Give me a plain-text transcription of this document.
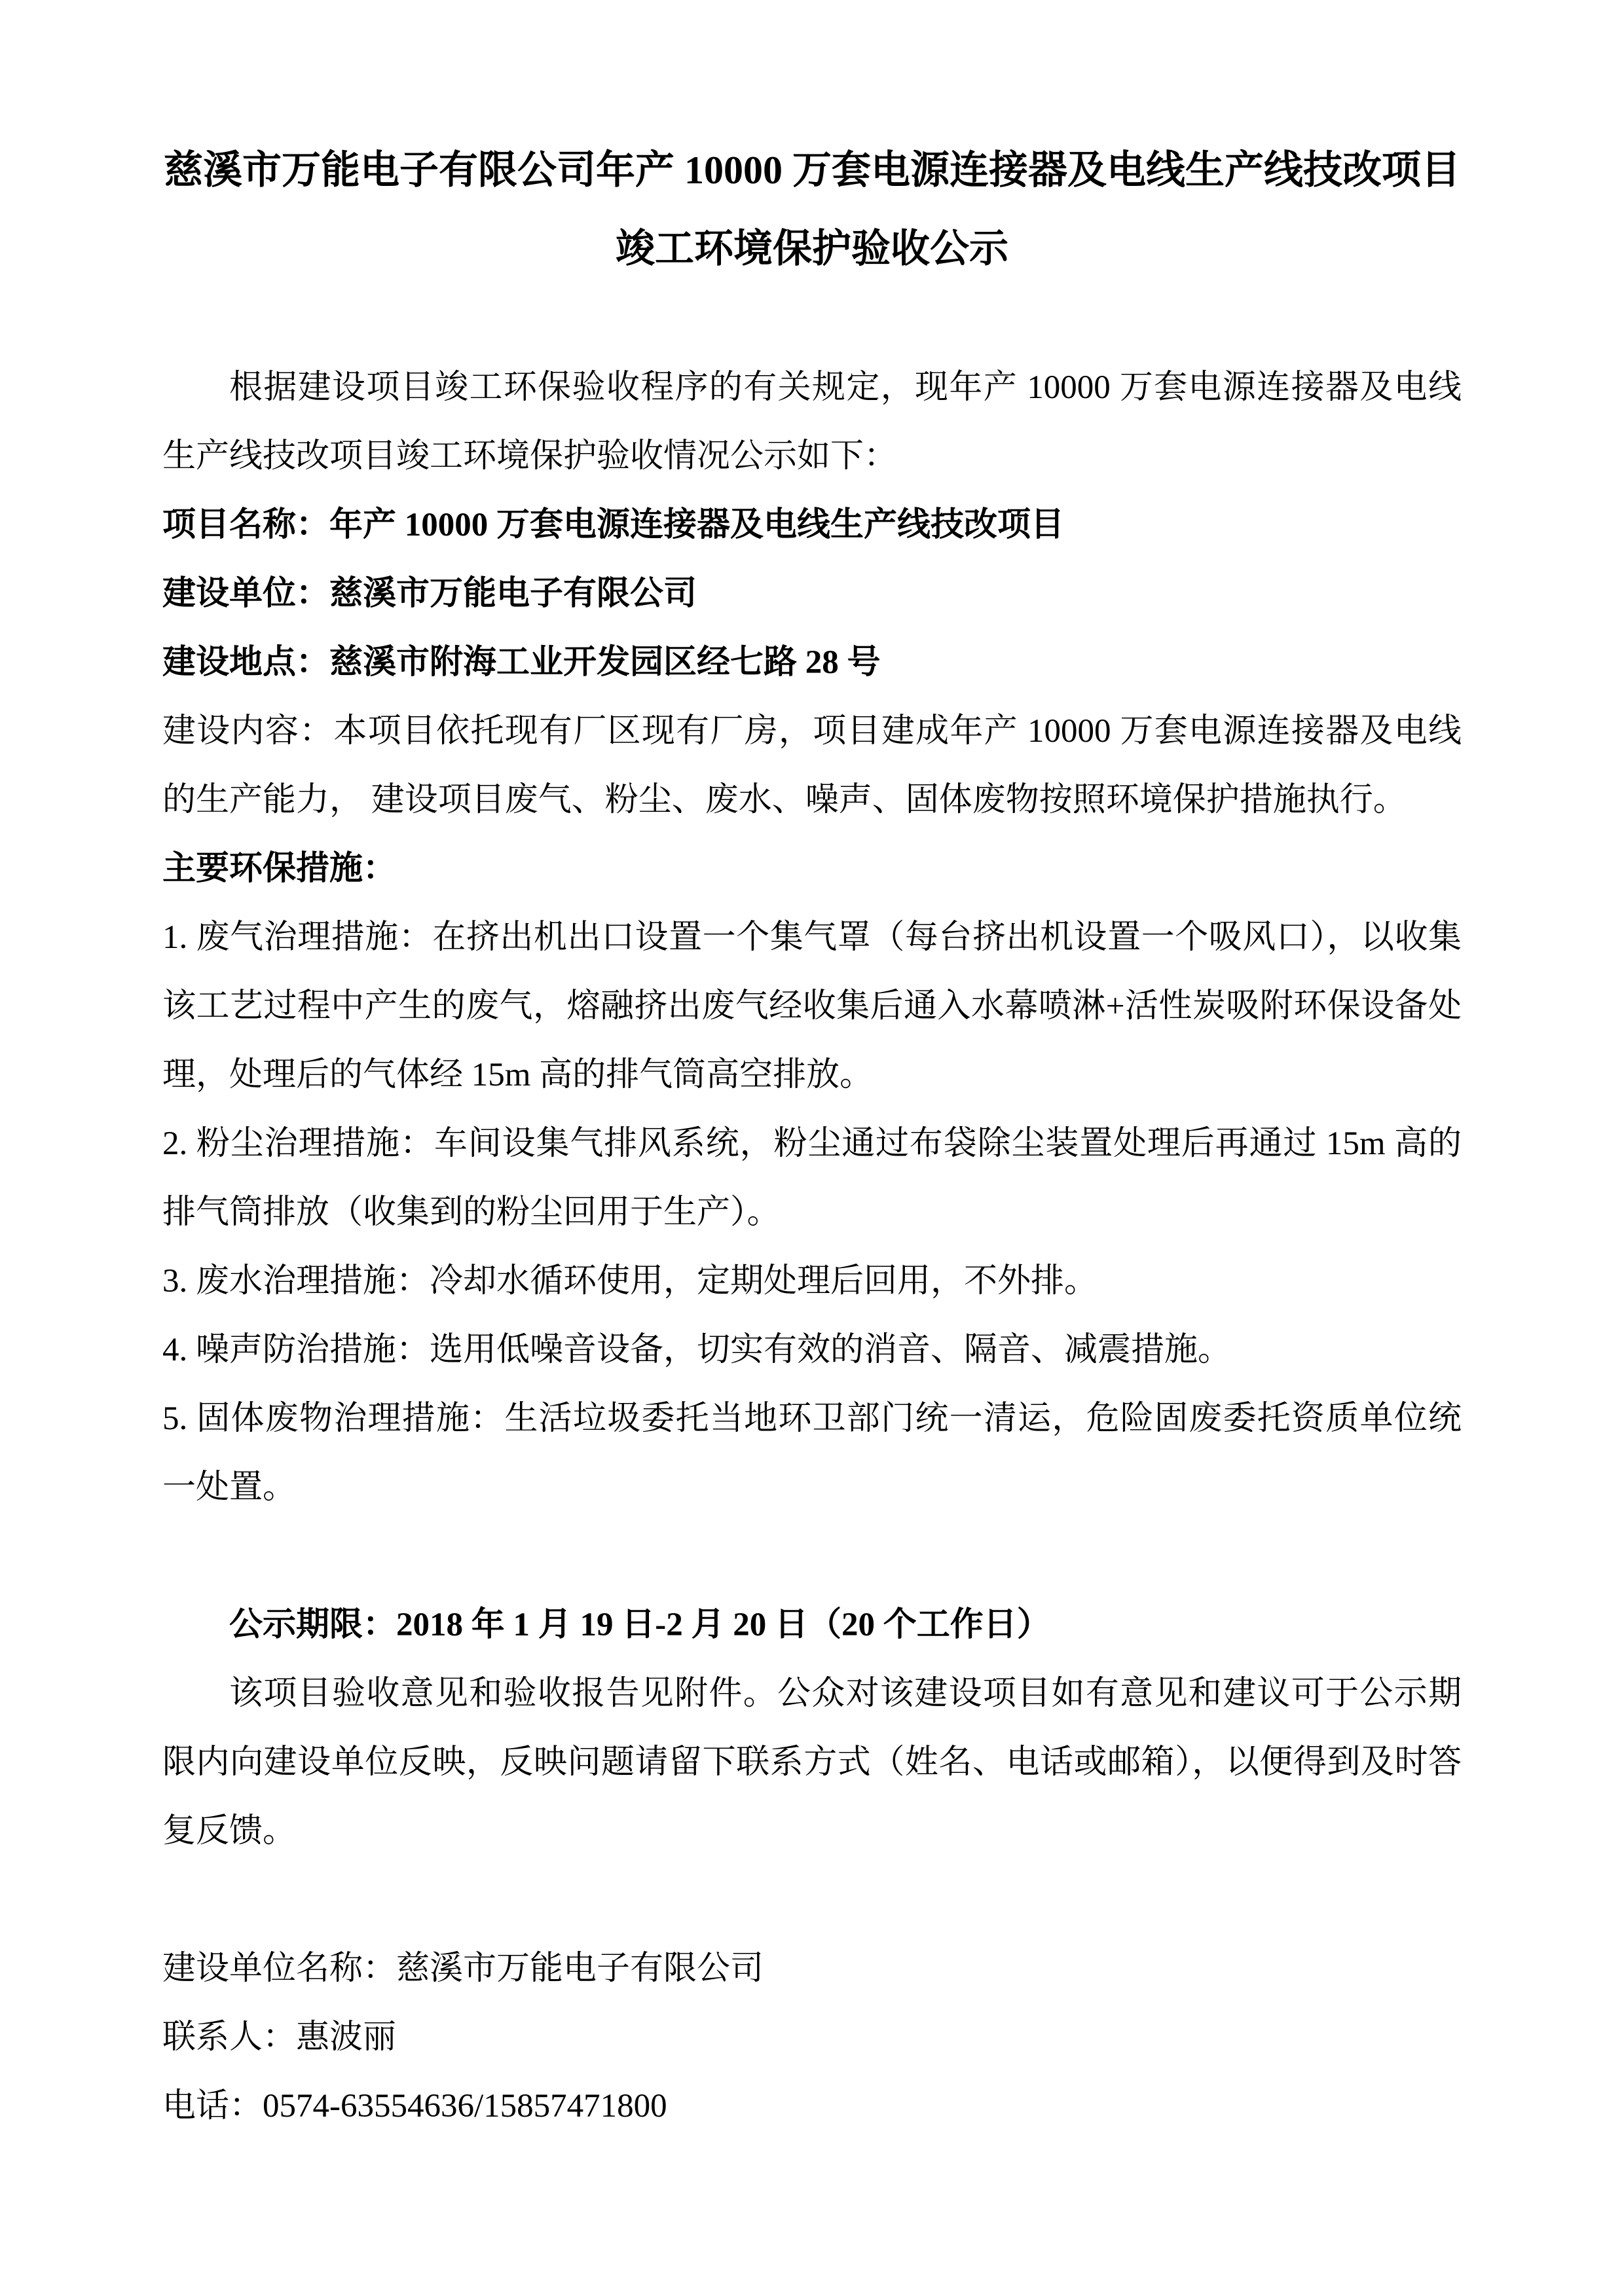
慈溪市万能电子有限公司年产 10000 万套电源连接器及电线生产线技改项目
竣工环境保护验收公示

根据建设项目竣工环保验收程序的有关规定，现年产 10000 万套电源连接器及电线生产线技改项目竣工环境保护验收情况公示如下：

项目名称：年产 10000 万套电源连接器及电线生产线技改项目

建设单位：慈溪市万能电子有限公司

建设地点：慈溪市附海工业开发园区经七路 28 号

建设内容：本项目依托现有厂区现有厂房，项目建成年产 10000 万套电源连接器及电线的生产能力， 建设项目废气、粉尘、废水、噪声、固体废物按照环境保护措施执行。

主要环保措施：

1. 废气治理措施：在挤出机出口设置一个集气罩（每台挤出机设置一个吸风口），以收集该工艺过程中产生的废气，熔融挤出废气经收集后通入水幕喷淋+活性炭吸附环保设备处理，处理后的气体经 15m 高的排气筒高空排放。

2. 粉尘治理措施：车间设集气排风系统，粉尘通过布袋除尘装置处理后再通过 15m 高的排气筒排放（收集到的粉尘回用于生产）。

3. 废水治理措施：冷却水循环使用，定期处理后回用，不外排。

4. 噪声防治措施：选用低噪音设备，切实有效的消音、隔音、减震措施。

5. 固体废物治理措施：生活垃圾委托当地环卫部门统一清运，危险固废委托资质单位统一处置。

公示期限：2018 年 1 月 19 日-2 月 20 日（20 个工作日）

该项目验收意见和验收报告见附件。公众对该建设项目如有意见和建议可于公示期限内向建设单位反映，反映问题请留下联系方式（姓名、电话或邮箱），以便得到及时答复反馈。

建设单位名称：慈溪市万能电子有限公司

联系人：惠波丽

电话：0574-63554636/15857471800
